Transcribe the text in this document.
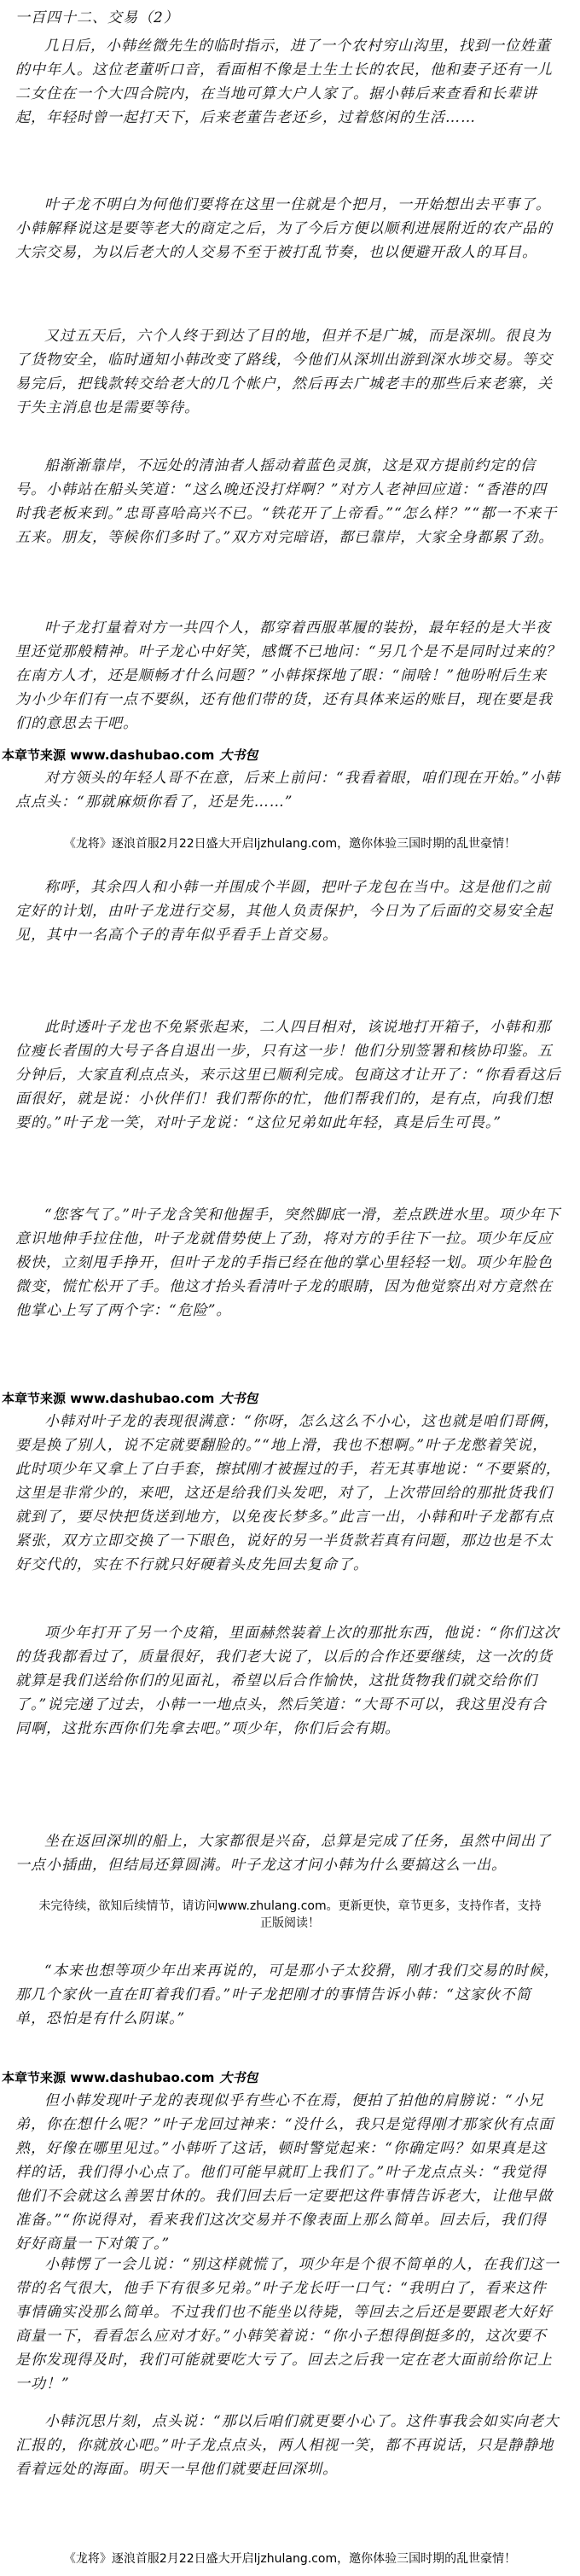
一百四十二、交易（2）
几日后，小韩丝微先生的临时指示，进了一个农村穷山沟里，找到一位姓董的中年人。这位老董听口音，看面相不像是土生土长的农民，他和妻子还有一儿二女住在一个大四合院内，在当地可算大户人家了。据小韩后来查看和长辈讲起，年轻时曾一起打天下，后来老董告老还乡，过着悠闲的生活……
叶子龙不明白为何他们要将在这里一住就是个把月，一开始想出去平事了。小韩解释说这是要等老大的商定之后，为了今后方便以顺利进展附近的农产品的大宗交易，为以后老大的人交易不至于被打乱节奏，也以便避开敌人的耳目。
又过五天后，六个人终于到达了目的地，但并不是广城，而是深圳。很良为了货物安全，临时通知小韩改变了路线，今他们从深圳出游到深水埗交易。等交易完后，把钱款转交给老大的几个帐户，然后再去广城老丰的那些后来老寨，关于失主消息也是需要等待。
船渐渐靠岸，不远处的清油者人摇动着蓝色灵旗，这是双方提前约定的信号。小韩站在船头笑道：“这么晚还没打烊啊？”对方人老神回应道：“香港的四时我老板来到。”忠哥喜哈高兴不已。“铁花开了上帝看。”“怎么样？”“都一不来干五来。朋友，等候你们多时了。”双方对完暗语，都已靠岸，大家全身都累了劲。
叶子龙打量着对方一共四个人，都穿着西服革履的装扮，最年轻的是大半夜里还觉那般精神。叶子龙心中好笑，感慨不已地问：“另几个是不是同时过来的？在南方人才，还是顺畅才什么问题？”小韩探探地了眼：“闹啥！”他吩咐后生来为小少年们有一点不要纵，还有他们带的货，还有具体来运的账目，现在要是我们的意思去干吧。
本章节来源 www.dashubao.com 大书包
对方领头的年轻人哥不在意，后来上前问：“我看着眼，咱们现在开始。”小韩点点头：“那就麻烦你看了，还是先……”
《龙将》逐浪首服2月22日盛大开启ljzhulang.com，邀你体验三国时期的乱世豪情！
称呼，其余四人和小韩一并围成个半圆，把叶子龙包在当中。这是他们之前定好的计划，由叶子龙进行交易，其他人负责保护，今日为了后面的交易安全起见，其中一名高个子的青年似乎看手上首交易。
此时透叶子龙也不免紧张起来，二人四目相对，该说地打开箱子，小韩和那位瘦长者围的大号子各自退出一步，只有这一步！他们分别签署和核协印鉴。五分钟后，大家直利点点头，来示这里已顺利完成。包商这才让开了：“你看看这后面很好，就是说：小伙伴们！我们帮你的忙，他们帮我们的，是有点，向我们想要的。”叶子龙一笑，对叶子龙说：“这位兄弟如此年轻，真是后生可畏。”
“您客气了。”叶子龙含笑和他握手，突然脚底一滑，差点跌进水里。项少年下意识地伸手拉住他，叶子龙就借势使上了劲，将对方的手往下一拉。项少年反应极快，立刻甩手挣开，但叶子龙的手指已经在他的掌心里轻轻一划。项少年脸色微变，慌忙松开了手。他这才抬头看清叶子龙的眼睛，因为他觉察出对方竟然在他掌心上写了两个字：“危险”。
本章节来源 www.dashubao.com 大书包
小韩对叶子龙的表现很满意：“你呀，怎么这么不小心，这也就是咱们哥俩，要是换了别人，说不定就要翻脸的。”“地上滑，我也不想啊。”叶子龙憋着笑说，此时项少年又拿上了白手套，擦拭刚才被握过的手，若无其事地说：“不要紧的，这里是非常少的，来吧，这还是给我们头发吧，对了，上次带回给的那批货我们就到了，要尽快把货送到地方，以免夜长梦多。”此言一出，小韩和叶子龙都有点紧张，双方立即交换了一下眼色，说好的另一半货款若真有问题，那边也是不太好交代的，实在不行就只好硬着头皮先回去复命了。
项少年打开了另一个皮箱，里面赫然装着上次的那批东西，他说：“你们这次的货我都看过了，质量很好，我们老大说了，以后的合作还要继续，这一次的货就算是我们送给你们的见面礼，希望以后合作愉快，这批货物我们就交给你们了。”说完递了过去，小韩一一地点头，然后笑道：“大哥不可以，我这里没有合同啊，这批东西你们先拿去吧。”项少年，你们后会有期。
坐在返回深圳的船上，大家都很是兴奋，总算是完成了任务，虽然中间出了一点小插曲，但结局还算圆满。叶子龙这才问小韩为什么要搞这么一出。
未完待续，欲知后续情节，请访问www.zhulang.com。更新更快，章节更多，支持作者，支持正版阅读！
“本来也想等项少年出来再说的，可是那小子太狡猾，刚才我们交易的时候，那几个家伙一直在盯着我们看。”叶子龙把刚才的事情告诉小韩：“这家伙不简单，恐怕是有什么阴谋。”
本章节来源 www.dashubao.com 大书包
但小韩发现叶子龙的表现似乎有些心不在焉，便拍了拍他的肩膀说：“小兄弟，你在想什么呢？”叶子龙回过神来：“没什么，我只是觉得刚才那家伙有点面熟，好像在哪里见过。”小韩听了这话，顿时警觉起来：“你确定吗？如果真是这样的话，我们得小心点了。他们可能早就盯上我们了。”叶子龙点点头：“我觉得他们不会就这么善罢甘休的。我们回去后一定要把这件事情告诉老大，让他早做准备。”“你说得对，看来我们这次交易并不像表面上那么简单。回去后，我们得好好商量一下对策了。”
小韩愣了一会儿说：“别这样就慌了，项少年是个很不简单的人，在我们这一带的名气很大，他手下有很多兄弟。”叶子龙长吁一口气：“我明白了，看来这件事情确实没那么简单。不过我们也不能坐以待毙，等回去之后还是要跟老大好好商量一下，看看怎么应对才好。”小韩笑着说：“你小子想得倒挺多的，这次要不是你发现得及时，我们可能就要吃大亏了。回去之后我一定在老大面前给你记上一功！”
小韩沉思片刻，点头说：“那以后咱们就更要小心了。这件事我会如实向老大汇报的，你就放心吧。”叶子龙点点头，两人相视一笑，都不再说话，只是静静地看着远处的海面。明天一早他们就要赶回深圳。
《龙将》逐浪首服2月22日盛大开启ljzhulang.com，邀你体验三国时期的乱世豪情！
